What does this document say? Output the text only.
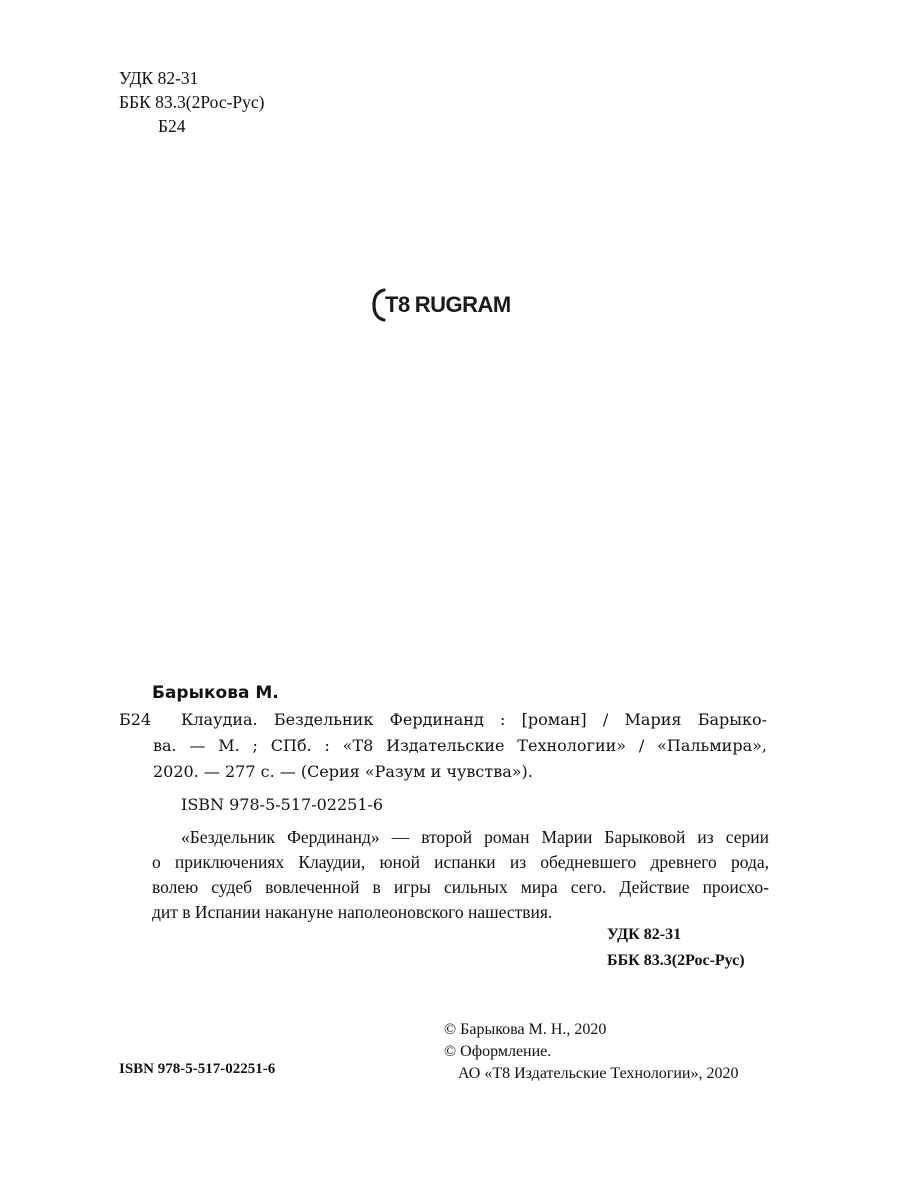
УДК 82-31
ББК 83.3(2Рос-Рус)
Б24
T8 RUGRAM
Барыкова М.
Б24 Клаудиа. Бездельник Фердинанд : [роман] / Мария Барыко-
ва. — М. ; СПб. : «Т8 Издательские Технологии» / «Пальмира»,
2020. — 277 с. — (Серия «Разум и чувства»).
ISBN 978-5-517-02251-6
«Бездельник Фердинанд» — второй роман Марии Барыковой из серии
о приключениях Клаудии, юной испанки из обедневшего древнего рода,
волею судеб вовлеченной в игры сильных мира сего. Действие происхо-
дит в Испании накануне наполеоновского нашествия.
УДК 82-31
ББК 83.3(2Рос-Рус)
© Барыкова М. Н., 2020
© Оформление.
АО «Т8 Издательские Технологии», 2020
ISBN 978-5-517-02251-6
